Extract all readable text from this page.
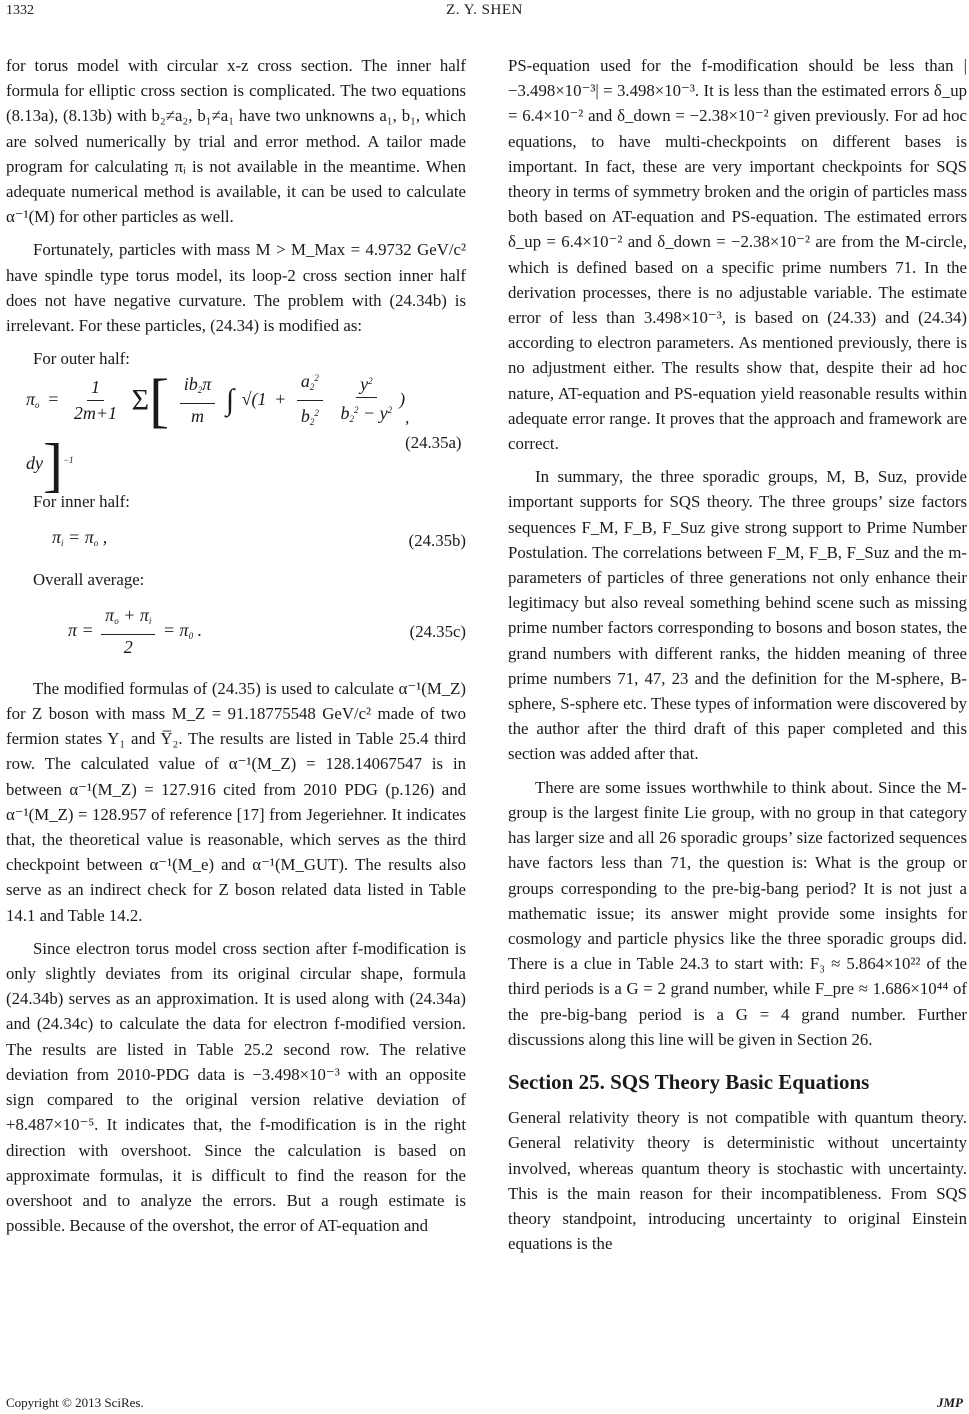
1332	Z. Y. SHEN

for torus model with circular x-z cross section. The inner half formula for elliptic cross section is complicated. The two equations (8.13a), (8.13b) with b₂≠a₂, b₁≠a₁ have two unknowns a₁, b₁, which are solved numerically by trial and error method. A tailor made program for calculating πᵢ is not available in the meantime. When adequate numerical method is available, it can be used to calculate α⁻¹(M) for other particles as well.

Fortunately, particles with mass M > M_Max = 4.9732 GeV/c² have spindle type torus model, its loop-2 cross section inner half does not have negative curvature. The problem with (24.34b) is irrelevant. For these particles, (24.34) is modified as:

For outer half:

$\pi_o = \frac{1}{2m+1} \Sigma[ \frac{ib_2\pi}{m}$ ∫ $√(1 + \frac{a_2^2}{b_2^2}$
$\frac{y^2}{b_2^2 - y^2}$ ) dy]$^{-1}$
, (24.35a)

For inner half:

$\pi_i = \pi_o$ ,	(24.35b)

Overall average:

$\pi = \frac{\pi_o + \pi_i}{2} = \pi_0$ .	(24.35c)

The modified formulas of (24.35) is used to calculate α⁻¹(M_Z) for Z boson with mass M_Z = 91.18775548 GeV/c² made of two fermion states Y₁ and Y̅₂. The results are listed in Table 25.4 third row. The calculated value of α⁻¹(M_Z) = 128.14067547 is in between α⁻¹(M_Z) = 127.916 cited from 2010 PDG (p.126) and α⁻¹(M_Z) = 128.957 of reference [17] from Jegeriehner. It indicates that, the theoretical value is reasonable, which serves as the third checkpoint between α⁻¹(M_e) and α⁻¹(M_GUT). The results also serve as an indirect check for Z boson related data listed in Table 14.1 and Table 14.2.

Since electron torus model cross section after f-modification is only slightly deviates from its original circular shape, formula (24.34b) serves as an approximation. It is used along with (24.34a) and (24.34c) to calculate the data for electron f-modified version. The results are listed in Table 25.2 second row. The relative deviation from 2010-PDG data is −3.498×10⁻³ with an opposite sign compared to the original version relative deviation of +8.487×10⁻⁵. It indicates that, the f-modification is in the right direction with overshoot. Since the calculation is based on approximate formulas, it is difficult to find the reason for the overshoot and to analyze the errors. But a rough estimate is possible. Because of the overshot, the error of AT-equation and

PS-equation used for the f-modification should be less than |−3.498×10⁻³| = 3.498×10⁻³. It is less than the estimated errors δ_up = 6.4×10⁻² and δ_down = −2.38×10⁻² given previously. For ad hoc equations, to have multi-checkpoints on different bases is important. In fact, these are very important checkpoints for SQS theory in terms of symmetry broken and the origin of particles mass both based on AT-equation and PS-equation. The estimated errors δ_up = 6.4×10⁻² and δ_down = −2.38×10⁻² are from the M-circle, which is defined based on a specific prime numbers 71. In the derivation processes, there is no adjustable variable. The estimate error of less than 3.498×10⁻³, is based on (24.33) and (24.34) according to electron parameters. As mentioned previously, there is no adjustment either. The results show that, despite their ad hoc nature, AT-equation and PS-equation yield reasonable results within adequate error range. It proves that the approach and framework are correct.

In summary, the three sporadic groups, M, B, Suz, provide important supports for SQS theory. The three groups’ size factors sequences F_M, F_B, F_Suz give strong support to Prime Number Postulation. The correlations between F_M, F_B, F_Suz and the m-parameters of particles of three generations not only enhance their legitimacy but also reveal something behind scene such as missing prime number factors corresponding to bosons and boson states, the grand numbers with different ranks, the hidden meaning of three prime numbers 71, 47, 23 and the definition for the M-sphere, B-sphere, S-sphere etc. These types of information were discovered by the author after the third draft of this paper completed and this section was added after that.

There are some issues worthwhile to think about. Since the M-group is the largest finite Lie group, with no group in that category has larger size and all 26 sporadic groups’ size factorized sequences have factors less than 71, the question is: What is the group or groups corresponding to the pre-big-bang period? It is not just a mathematic issue; its answer might provide some insights for cosmology and particle physics like the three sporadic groups did. There is a clue in Table 24.3 to start with: F₃ ≈ 5.864×10²² of the third periods is a G = 2 grand number, while F_pre ≈ 1.686×10⁴⁴ of the pre-big-bang period is a G = 4 grand number. Further discussions along this line will be given in Section 26.

Section 25. SQS Theory Basic Equations

General relativity theory is not compatible with quantum theory. General relativity theory is deterministic without uncertainty involved, whereas quantum theory is stochastic with uncertainty. This is the main reason for their incompatibleness. From SQS theory standpoint, introducing uncertainty to original Einstein equations is the

Copyright © 2013 SciRes.	JMP
